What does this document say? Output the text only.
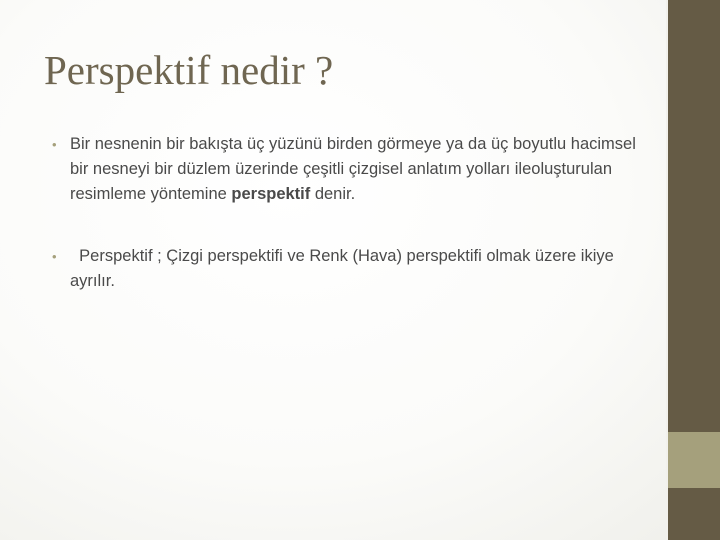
Perspektif nedir ?
• Bir nesnenin bir bakışta üç yüzünü birden görmeye ya da üç boyutlu hacimsel bir nesneyi bir düzlem üzerinde çeşitli çizgisel anlatım yolları ileoluşturulan resimleme yöntemine perspektif denir.
•	Perspektif ; Çizgi perspektifi ve Renk (Hava) perspektifi olmak üzere ikiye ayrılır.
